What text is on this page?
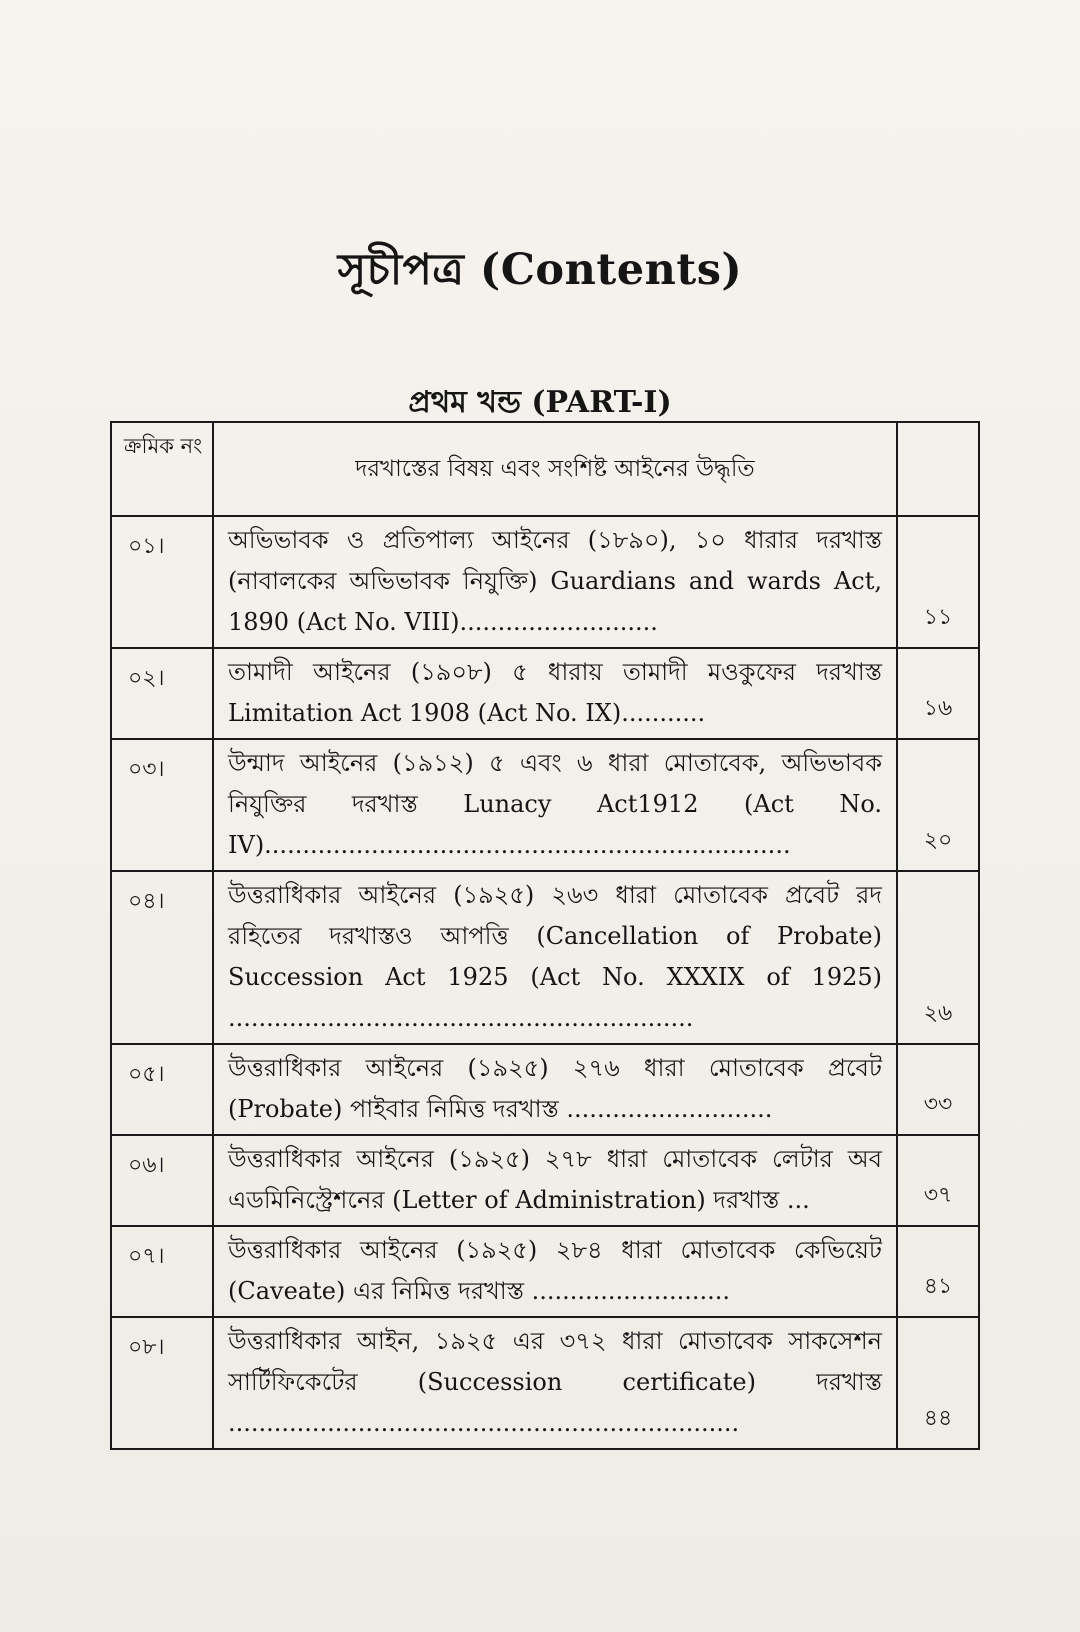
সূচীপত্র (Contents)
প্রথম খন্ড (PART-I)
ক্রমিক নং	দরখাস্তের বিষয় এবং সংশিষ্ট আইনের উদ্ধৃতি	
০১।	অভিভাবক ও প্রতিপাল্য আইনের (১৮৯০), ১০ ধারার দরখাস্ত (নাবালকের অভিভাবক নিযুক্তি) Guardians and wards Act, 1890 (Act No. VIII)..........................	১১
০২।	তামাদী আইনের (১৯০৮) ৫ ধারায় তামাদী মওকুফের দরখাস্ত Limitation Act 1908 (Act No. IX)...........	১৬
০৩।	উন্মাদ আইনের (১৯১২) ৫ এবং ৬ ধারা মোতাবেক, অভিভাবক নিযুক্তির দরখাস্ত Lunacy Act1912 (Act No. IV).....................................................................	২০
০৪।	উত্তরাধিকার আইনের (১৯২৫) ২৬৩ ধারা মোতাবেক প্রবেট রদ রহিতের দরখাস্তও আপত্তি (Cancellation of Probate) Succession Act 1925 (Act No. XXXIX of 1925) .............................................................	২৬
০৫।	উত্তরাধিকার আইনের (১৯২৫) ২৭৬ ধারা মোতাবেক প্রবেট (Probate) পাইবার নিমিত্ত দরখাস্ত ...........................	৩৩
০৬।	উত্তরাধিকার আইনের (১৯২৫) ২৭৮ ধারা মোতাবেক লেটার অব এডমিনিস্ট্রেশনের (Letter of Administration) দরখাস্ত ...	৩৭
০৭।	উত্তরাধিকার আইনের (১৯২৫) ২৮৪ ধারা মোতাবেক কেভিয়েট (Caveate) এর নিমিত্ত দরখাস্ত ..........................	৪১
০৮।	উত্তরাধিকার আইন, ১৯২৫ এর ৩৭২ ধারা মোতাবেক সাকসেশন সার্টিফিকেটের (Succession certificate) দরখাস্ত ...................................................................	৪৪
